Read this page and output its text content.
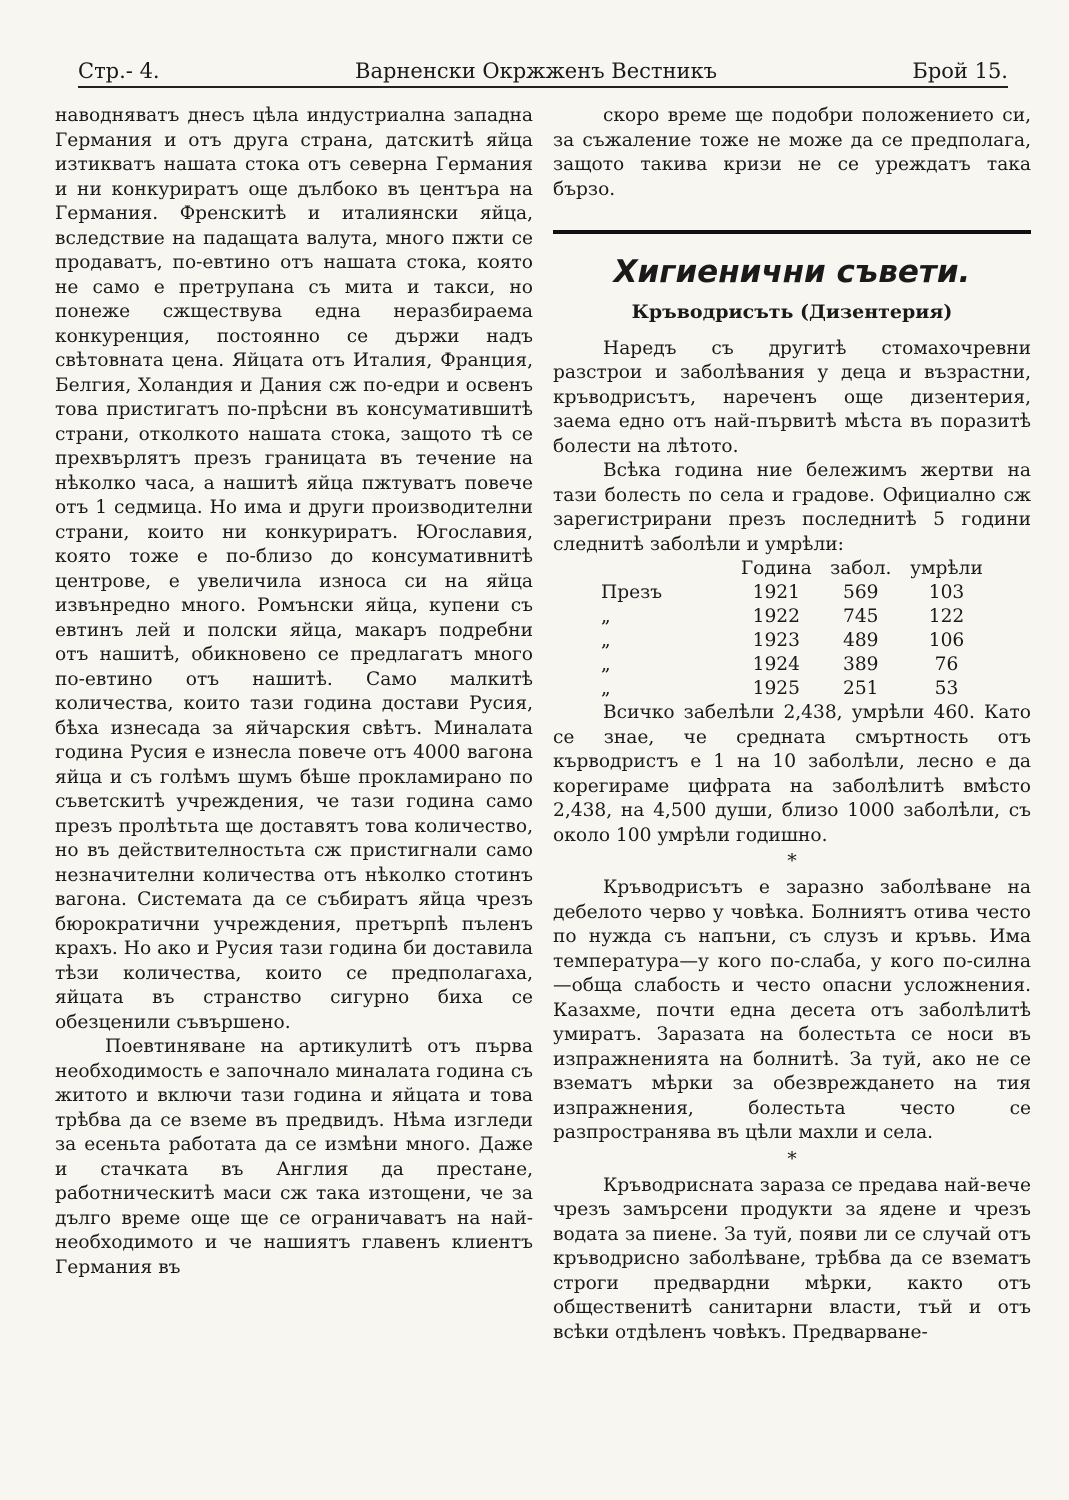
Стр.- 4.	Варненски Окржженъ Вестникъ	Брой 15.

наводняватъ днесъ цѣла индустриална западна Германия и отъ друга страна, датскитѣ яйца изтикватъ нашата стока отъ северна Германия и ни конкуриратъ още дълбоко въ центъра на Германия. Френскитѣ и италиянски яйца, вследствие на падащата валута, много пжти се продаватъ, по-евтино отъ нашата стока, която не само е претрупана съ мита и такси, но понеже сжществува една неразбираема конкуренция, постоянно се държи надъ свѣтовната цена. Яйцата отъ Италия, Франция, Белгия, Холандия и Дания сж по-едри и освенъ това пристигатъ по-прѣсни въ консуматившитѣ страни, отколкото нашата стока, защото тѣ се прехвърлятъ презъ границата въ течение на нѣколко часа, а нашитѣ яйца пжтуватъ повече отъ 1 седмица. Но има и други производителни страни, които ни конкуриратъ. Югославия, която тоже е по-близо до консумативнитѣ центрове, е увеличила износа си на яйца извънредно много. Ромънски яйца, купени съ евтинъ лей и полски яйца, макаръ подребни отъ нашитѣ, обикновено се предлагатъ много по-евтино отъ нашитѣ. Само малкитѣ количества, които тази година достави Русия, бѣха изнесада за яйчарския свѣтъ. Миналата година Русия е изнесла повече отъ 4000 вагона яйца и съ голѣмъ шумъ бѣше прокламирано по съветскитѣ учреждения, че тази година само презъ пролѣтьта ще доставятъ това количество, но въ действителностьта сж пристигнали само незначителни количества отъ нѣколко стотинъ вагона. Системата да се събиратъ яйца чрезъ бюрократични учреждения, претърпѣ пъленъ крахъ. Но ако и Русия тази година би доставила тѣзи количества, които се предполагаха, яйцата въ странство сигурно биха се обезценили съвършено.

Поевтиняване на артикулитѣ отъ първа необходимость е започнало миналата година съ житото и включи тази година и яйцата и това трѣбва да се вземе въ предвидъ. Нѣма изгледи за есеньта работата да се измѣни много. Даже и стачката въ Англия да престане, работническитѣ маси сж така изтощени, че за дълго време още ще се ограничаватъ на най-необходимото и че нашиятъ главенъ клиентъ Германия въ

скоро време ще подобри положението си, за съжаление тоже не може да се предполага, защото такива кризи не се уреждатъ така бързо.

Хигиенични съвети.
Кръводрисъть (Дизентерия)

Наредъ съ другитѣ стомахочревни разстрои и заболѣвания у деца и възрастни, кръводрисътъ, нареченъ още дизентерия, заема едно отъ най-първитѣ мѣста въ поразитѣ болести на лѣтото.

Всѣка година ние бележимъ жертви на тази болесть по села и градове. Официално сж зарегистрирани презъ последнитѣ 5 години следнитѣ заболѣли и умрѣли:

	Година	забол.	умрѣли
Презъ	1921	569	103
„	1922	745	122
„	1923	489	106
„	1924	389	76
„	1925	251	53

Всичко забелѣли 2,438, умрѣли 460. Като се знае, че средната смъртность отъ кърводристъ е 1 на 10 заболѣли, лесно е да корегираме цифрата на заболѣлитѣ вмѣсто 2,438, на 4,500 души, близо 1000 заболѣли, съ около 100 умрѣли годишно.

*

Кръводрисътъ е заразно заболѣване на дебелото черво у човѣка. Болниятъ отива често по нужда съ напъни, съ слузъ и кръвь. Има температура—у кого по-слаба, у кого по-силна—обща слабость и често опасни усложнения. Казахме, почти една десета отъ заболѣлитѣ умиратъ. Заразата на болестьта се носи въ изпражненията на болнитѣ. За туй, ако не се взематъ мѣрки за обезвреждането на тия изпражнения, болестьта често се разпространява въ цѣли махли и села.

*

Кръводрисната зараза се предава най-вече чрезъ замърсени продукти за ядене и чрезъ водата за пиене. За туй, появи ли се случай отъ кръводрисно заболѣване, трѣбва да се взематъ строги предвардни мѣрки, както отъ общественитѣ санитарни власти, тъй и отъ всѣки отдѣленъ човѣкъ. Предварване-
